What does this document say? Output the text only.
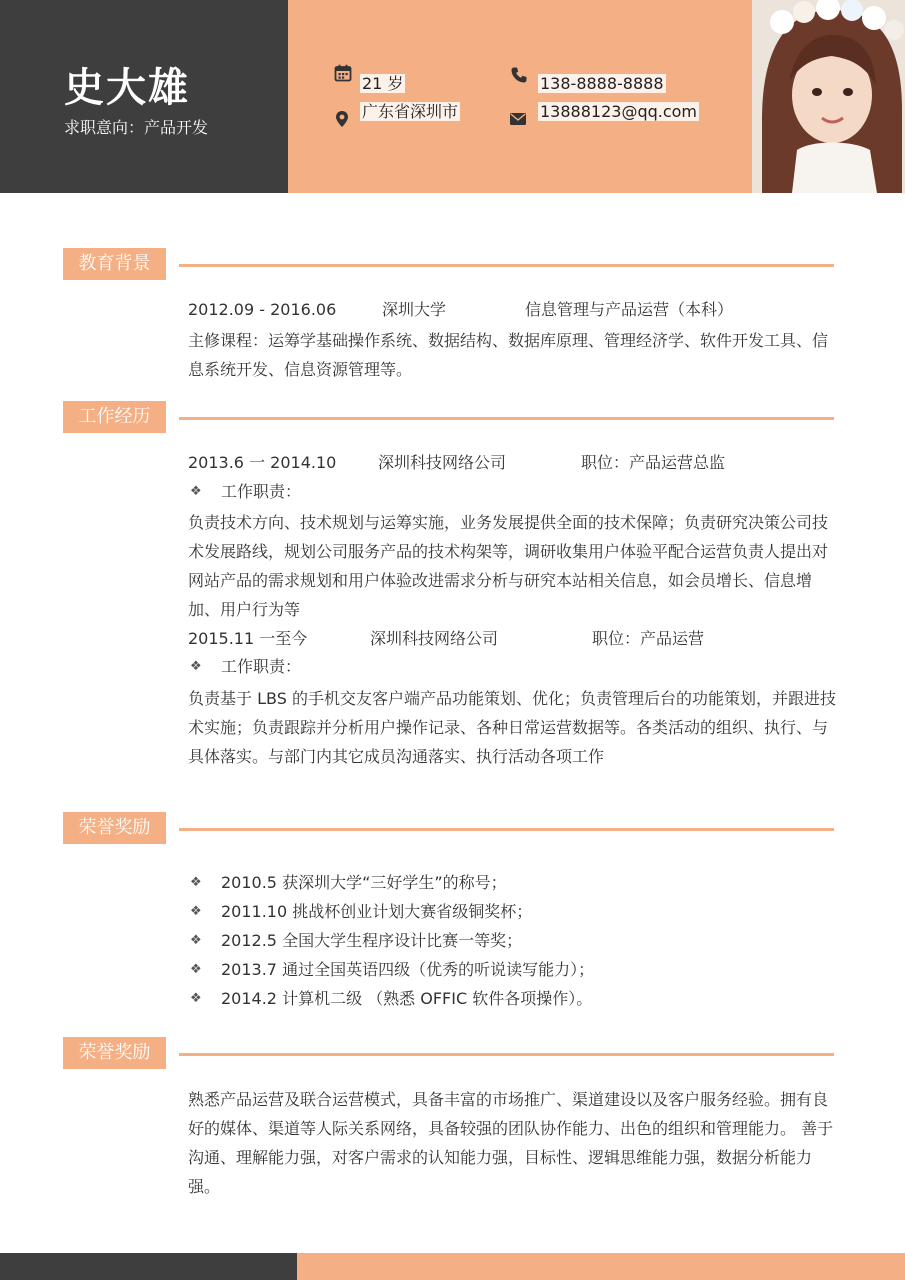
史大雄
求职意向：产品开发
21 岁
广东省深圳市
138-8888-8888
13888123@qq.com
教育背景
2012.09 - 2016.06	深圳大学	信息管理与产品运营（本科）
主修课程：运筹学基础操作系统、数据结构、数据库原理、管理经济学、软件开发工具、信息系统开发、信息资源管理等。
工作经历
2013.6 一 2014.10	深圳科技网络公司	职位：产品运营总监
❖ 工作职责：
负责技术方向、技术规划与运筹实施，业务发展提供全面的技术保障；负责研究决策公司技术发展路线，规划公司服务产品的技术构架等，调研收集用户体验平配合运营负责人提出对网站产品的需求规划和用户体验改进需求分析与研究本站相关信息，如会员增长、信息增加、用户行为等
2015.11 一至今	深圳科技网络公司	职位：产品运营
❖ 工作职责：
负责基于 LBS 的手机交友客户端产品功能策划、优化；负责管理后台的功能策划，并跟进技术实施；负责跟踪并分析用户操作记录、各种日常运营数据等。各类活动的组织、执行、与具体落实。与部门内其它成员沟通落实、执行活动各项工作
荣誉奖励
❖ 2010.5 获深圳大学“三好学生”的称号；
❖ 2011.10 挑战杯创业计划大赛省级铜奖杯；
❖ 2012.5 全国大学生程序设计比赛一等奖；
❖ 2013.7 通过全国英语四级（优秀的听说读写能力）；
❖ 2014.2 计算机二级 （熟悉 OFFIC 软件各项操作）。
荣誉奖励
熟悉产品运营及联合运营模式，具备丰富的市场推广、渠道建设以及客户服务经验。拥有良好的媒体、渠道等人际关系网络，具备较强的团队协作能力、出色的组织和管理能力。 善于沟通、理解能力强，对客户需求的认知能力强，目标性、逻辑思维能力强，数据分析能力强。
